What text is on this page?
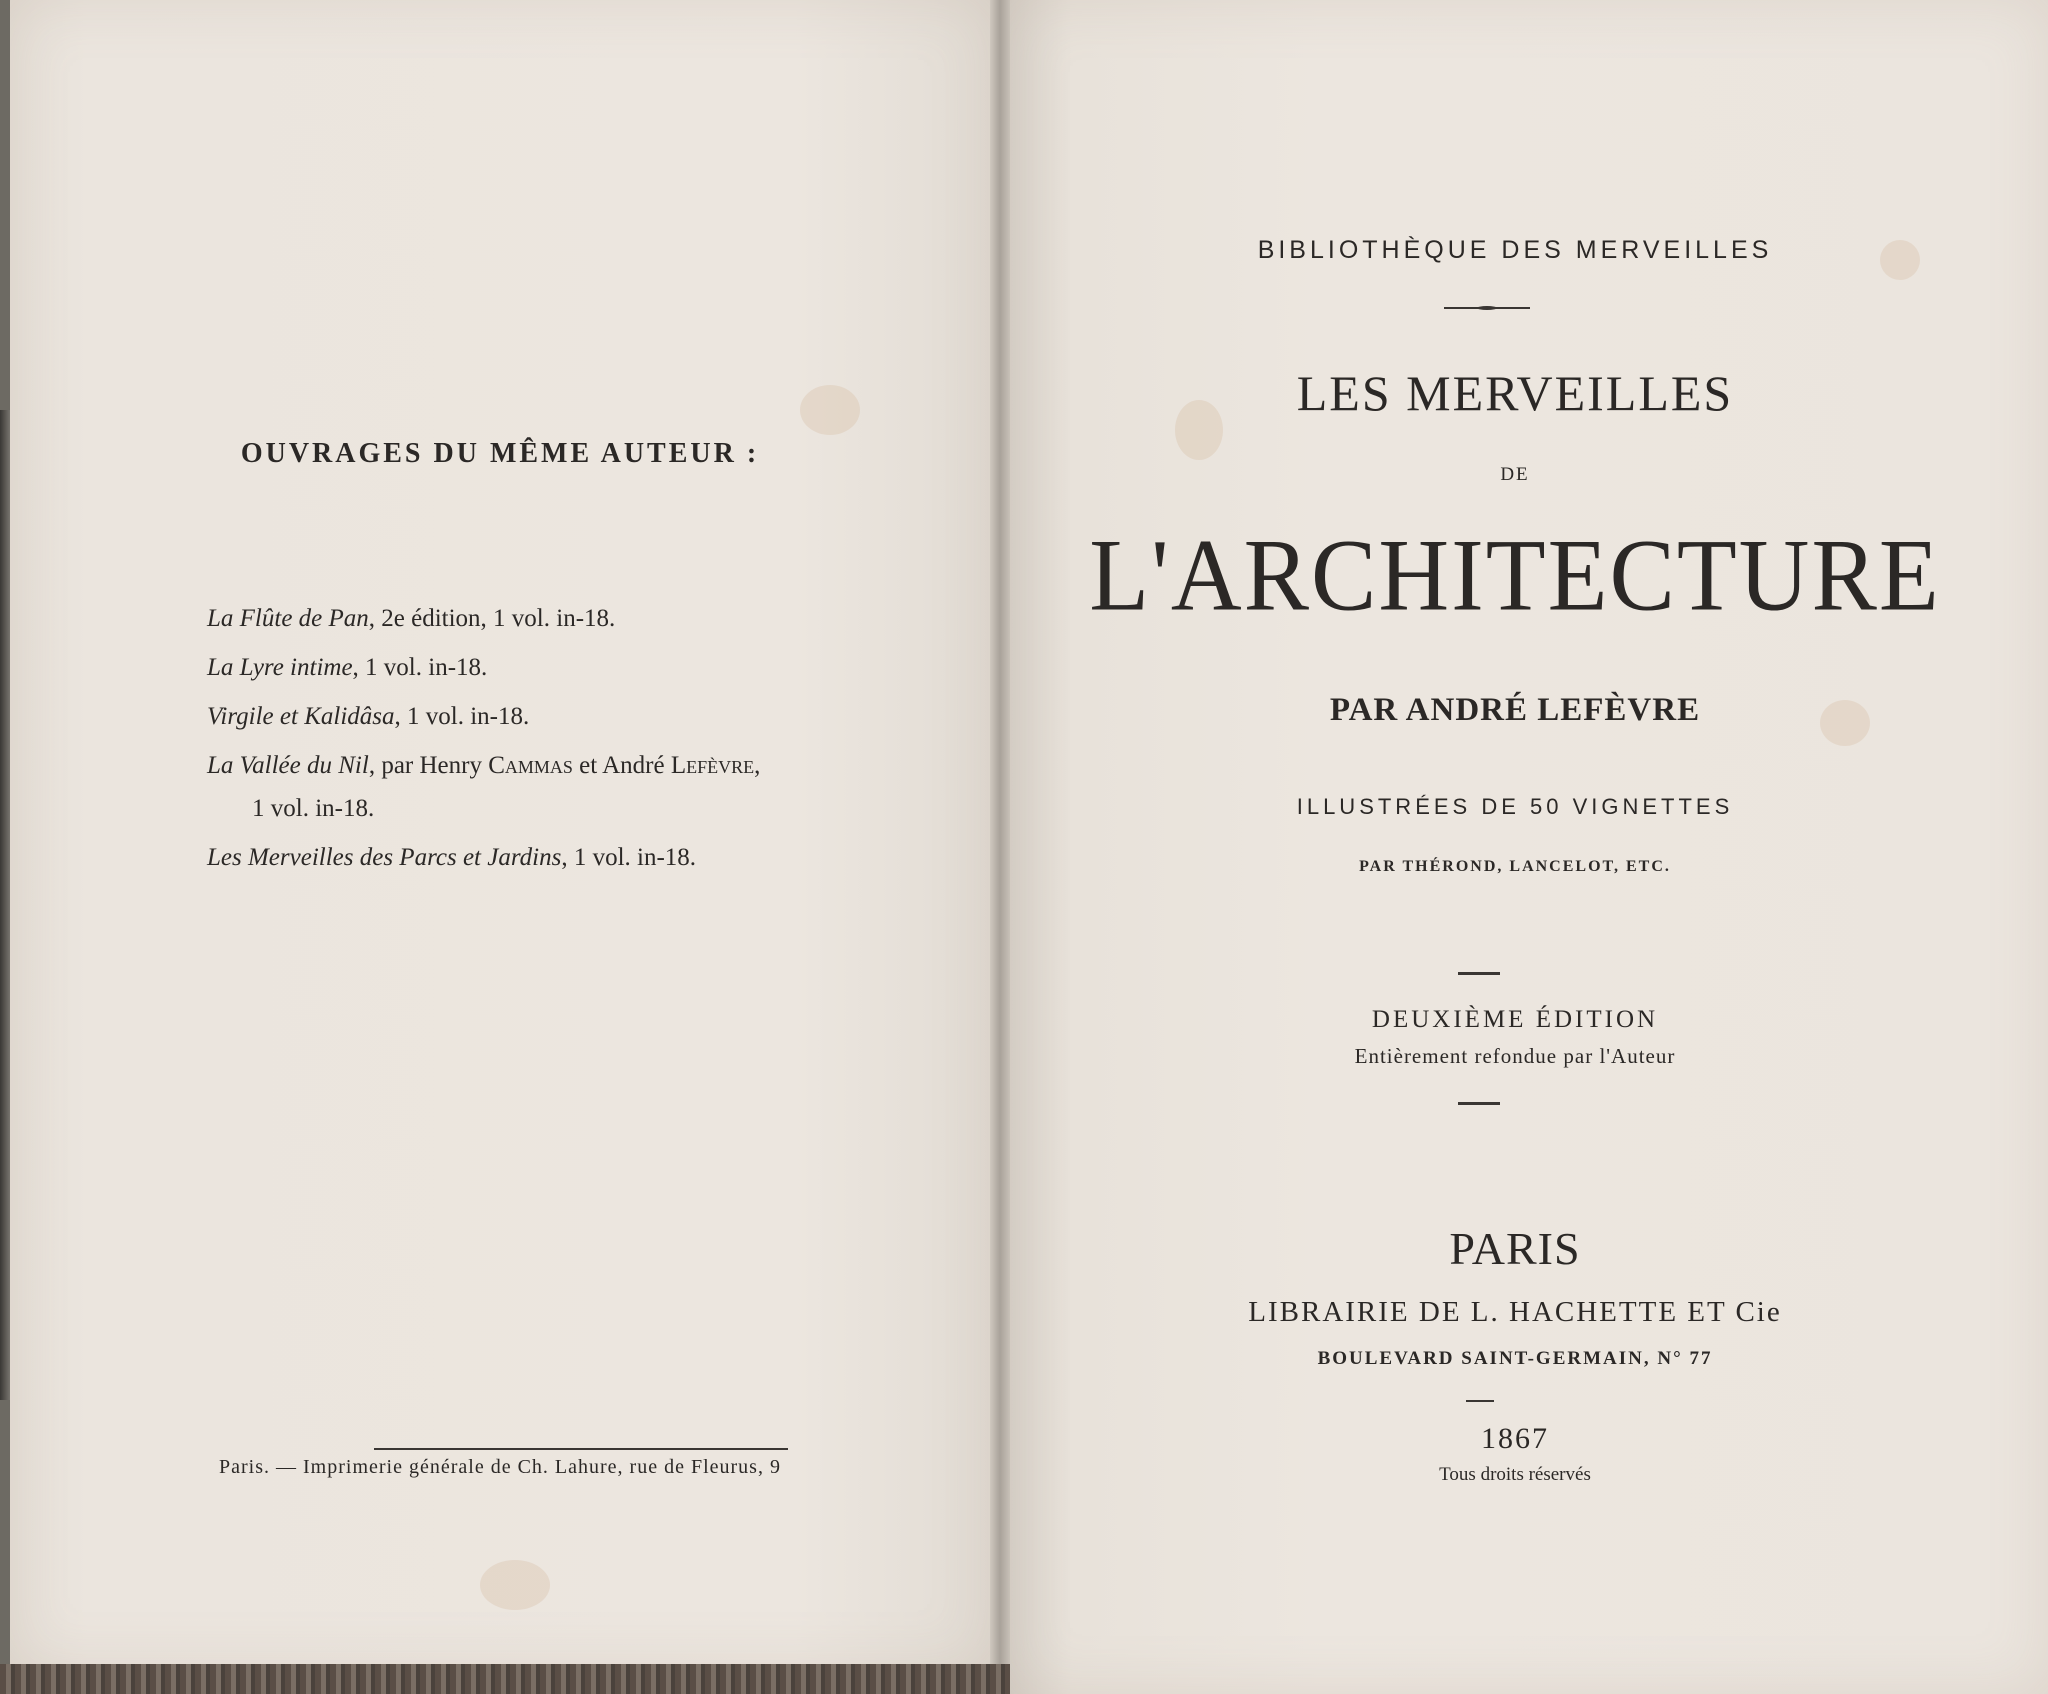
OUVRAGES DU MÊME AUTEUR :
La Flûte de Pan, 2e édition, 1 vol. in-18.
La Lyre intime, 1 vol. in-18.
Virgile et Kalidâsa, 1 vol. in-18.
La Vallée du Nil, par Henry Cammas et André Lefèvre,
1 vol. in-18.
Les Merveilles des Parcs et Jardins, 1 vol. in-18.
Paris. — Imprimerie générale de Ch. Lahure, rue de Fleurus, 9
BIBLIOTHÈQUE DES MERVEILLES
LES MERVEILLES
DE
L'ARCHITECTURE
PAR ANDRÉ LEFÈVRE
ILLUSTRÉES DE 50 VIGNETTES
PAR THÉROND, LANCELOT, ETC.
DEUXIÈME ÉDITION
Entièrement refondue par l'Auteur
PARIS
LIBRAIRIE DE L. HACHETTE ET Cie
BOULEVARD SAINT-GERMAIN, N° 77
1867
Tous droits réservés
